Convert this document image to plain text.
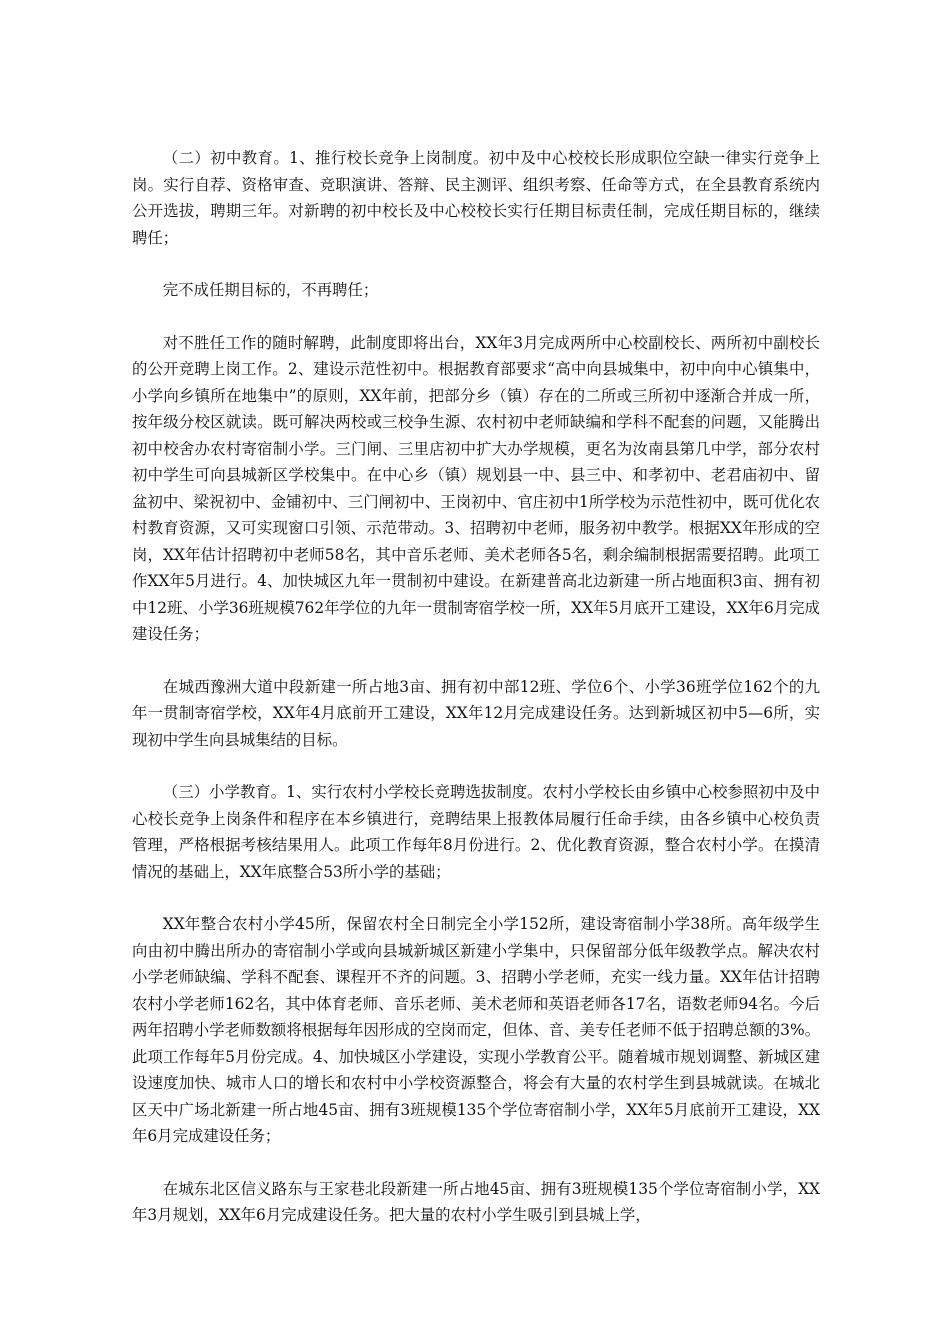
（二）初中教育。1、推行校长竞争上岗制度。初中及中心校校长形成职位空缺一律实行竞争上岗。实行自荐、资格审查、竞职演讲、答辩、民主测评、组织考察、任命等方式，在全县教育系统内公开选拔，聘期三年。对新聘的初中校长及中心校校长实行任期目标责任制，完成任期目标的，继续聘任；

完不成任期目标的，不再聘任；

对不胜任工作的随时解聘，此制度即将出台，XX年3月完成两所中心校副校长、两所初中副校长的公开竞聘上岗工作。2、建设示范性初中。根据教育部要求“高中向县城集中，初中向中心镇集中，小学向乡镇所在地集中”的原则，XX年前，把部分乡（镇）存在的二所或三所初中逐渐合并成一所，按年级分校区就读。既可解决两校或三校争生源、农村初中老师缺编和学科不配套的问题，又能腾出初中校舍办农村寄宿制小学。三门闸、三里店初中扩大办学规模，更名为汝南县第几中学，部分农村初中学生可向县城新区学校集中。在中心乡（镇）规划县一中、县三中、和孝初中、老君庙初中、留盆初中、梁祝初中、金铺初中、三门闸初中、王岗初中、官庄初中1所学校为示范性初中，既可优化农村教育资源，又可实现窗口引领、示范带动。3、招聘初中老师，服务初中教学。根据XX年形成的空岗，XX年估计招聘初中老师58名，其中音乐老师、美术老师各5名，剩余编制根据需要招聘。此项工作XX年5月进行。4、加快城区九年一贯制初中建设。在新建普高北边新建一所占地面积3亩、拥有初中12班、小学36班规模762年学位的九年一贯制寄宿学校一所，XX年5月底开工建设，XX年6月完成建设任务；

在城西豫洲大道中段新建一所占地3亩、拥有初中部12班、学位6个、小学36班学位162个的九年一贯制寄宿学校，XX年4月底前开工建设，XX年12月完成建设任务。达到新城区初中5—6所，实现初中学生向县城集结的目标。

（三）小学教育。1、实行农村小学校长竞聘选拔制度。农村小学校长由乡镇中心校参照初中及中心校长竞争上岗条件和程序在本乡镇进行，竞聘结果上报教体局履行任命手续，由各乡镇中心校负责管理，严格根据考核结果用人。此项工作每年8月份进行。2、优化教育资源，整合农村小学。在摸清情况的基础上，XX年底整合53所小学的基础；

XX年整合农村小学45所，保留农村全日制完全小学152所，建设寄宿制小学38所。高年级学生向由初中腾出所办的寄宿制小学或向县城新城区新建小学集中，只保留部分低年级教学点。解决农村小学老师缺编、学科不配套、课程开不齐的问题。3、招聘小学老师，充实一线力量。XX年估计招聘农村小学老师162名，其中体育老师、音乐老师、美术老师和英语老师各17名，语数老师94名。今后两年招聘小学老师数额将根据每年因形成的空岗而定，但体、音、美专任老师不低于招聘总额的3%。此项工作每年5月份完成。4、加快城区小学建设，实现小学教育公平。随着城市规划调整、新城区建设速度加快、城市人口的增长和农村中小学校资源整合，将会有大量的农村学生到县城就读。在城北区天中广场北新建一所占地45亩、拥有3班规模135个学位寄宿制小学，XX年5月底前开工建设，XX年6月完成建设任务；

在城东北区信义路东与王家巷北段新建一所占地45亩、拥有3班规模135个学位寄宿制小学，XX年3月规划，XX年6月完成建设任务。把大量的农村小学生吸引到县城上学，
